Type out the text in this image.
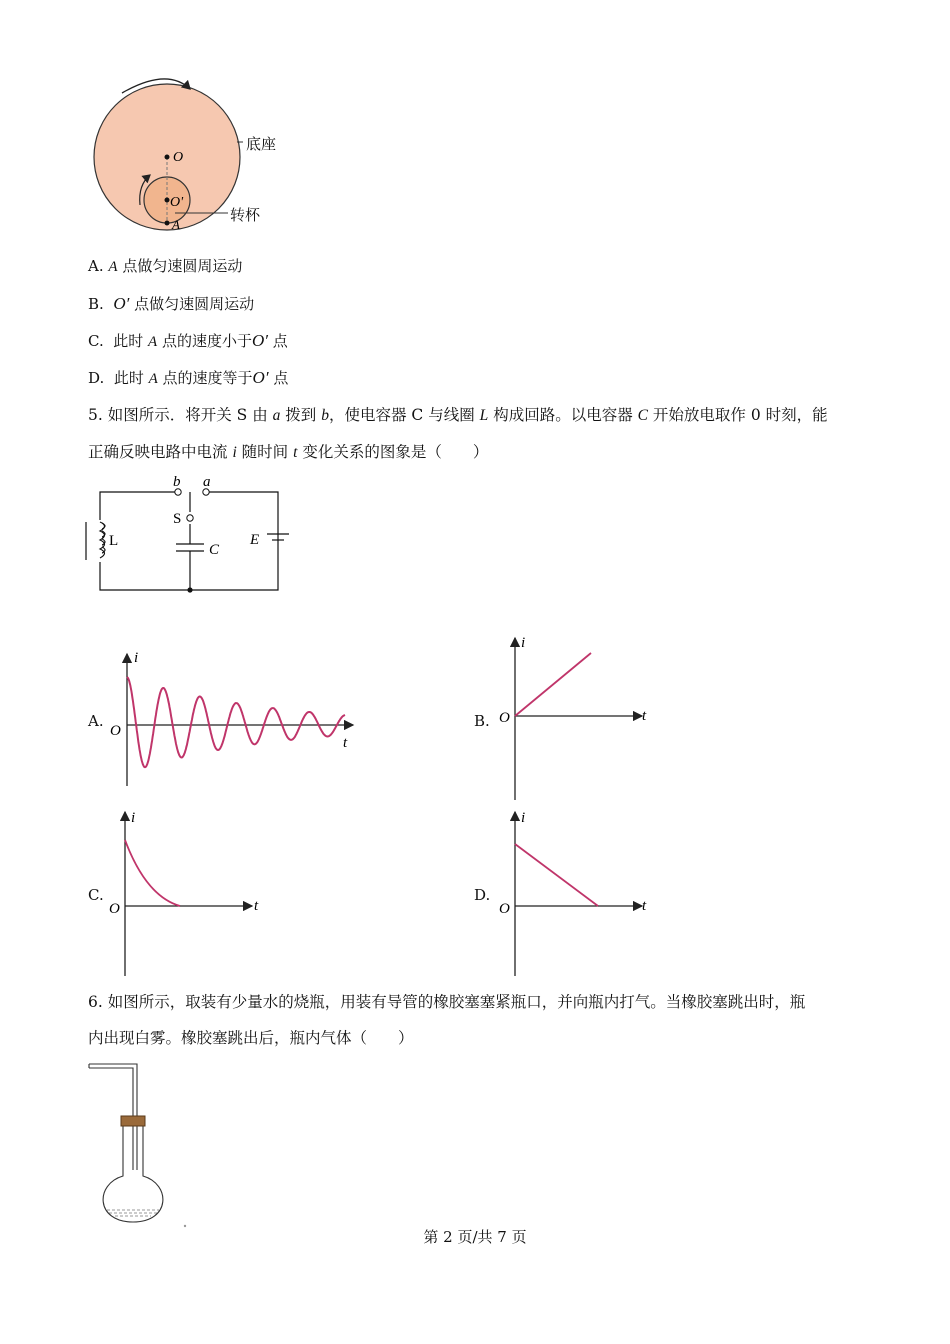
O
O'
A
底座
转杯
A. A 点做匀速圆周运动
B. O′ 点做匀速圆周运动
C. 此时 A 点的速度小于O′ 点
D. 此时 A 点的速度等于O′ 点
5. 如图所示．将开关 S 由 a 拨到 b，使电容器 C 与线圈 L 构成回路。以电容器 C 开始放电取作 0 时刻，能
正确反映电路中电流 i 随时间 t 变化关系的图象是（　　）
b a
S
L
C
E
A.
i
t
O
B.
i
t
O
C.
i
t
O
D.
i
t
O
6. 如图所示，取装有少量水的烧瓶，用装有导管的橡胶塞塞紧瓶口，并向瓶内打气。当橡胶塞跳出时，瓶
内出现白雾。橡胶塞跳出后，瓶内气体（　　）
第 2 页/共 7 页
